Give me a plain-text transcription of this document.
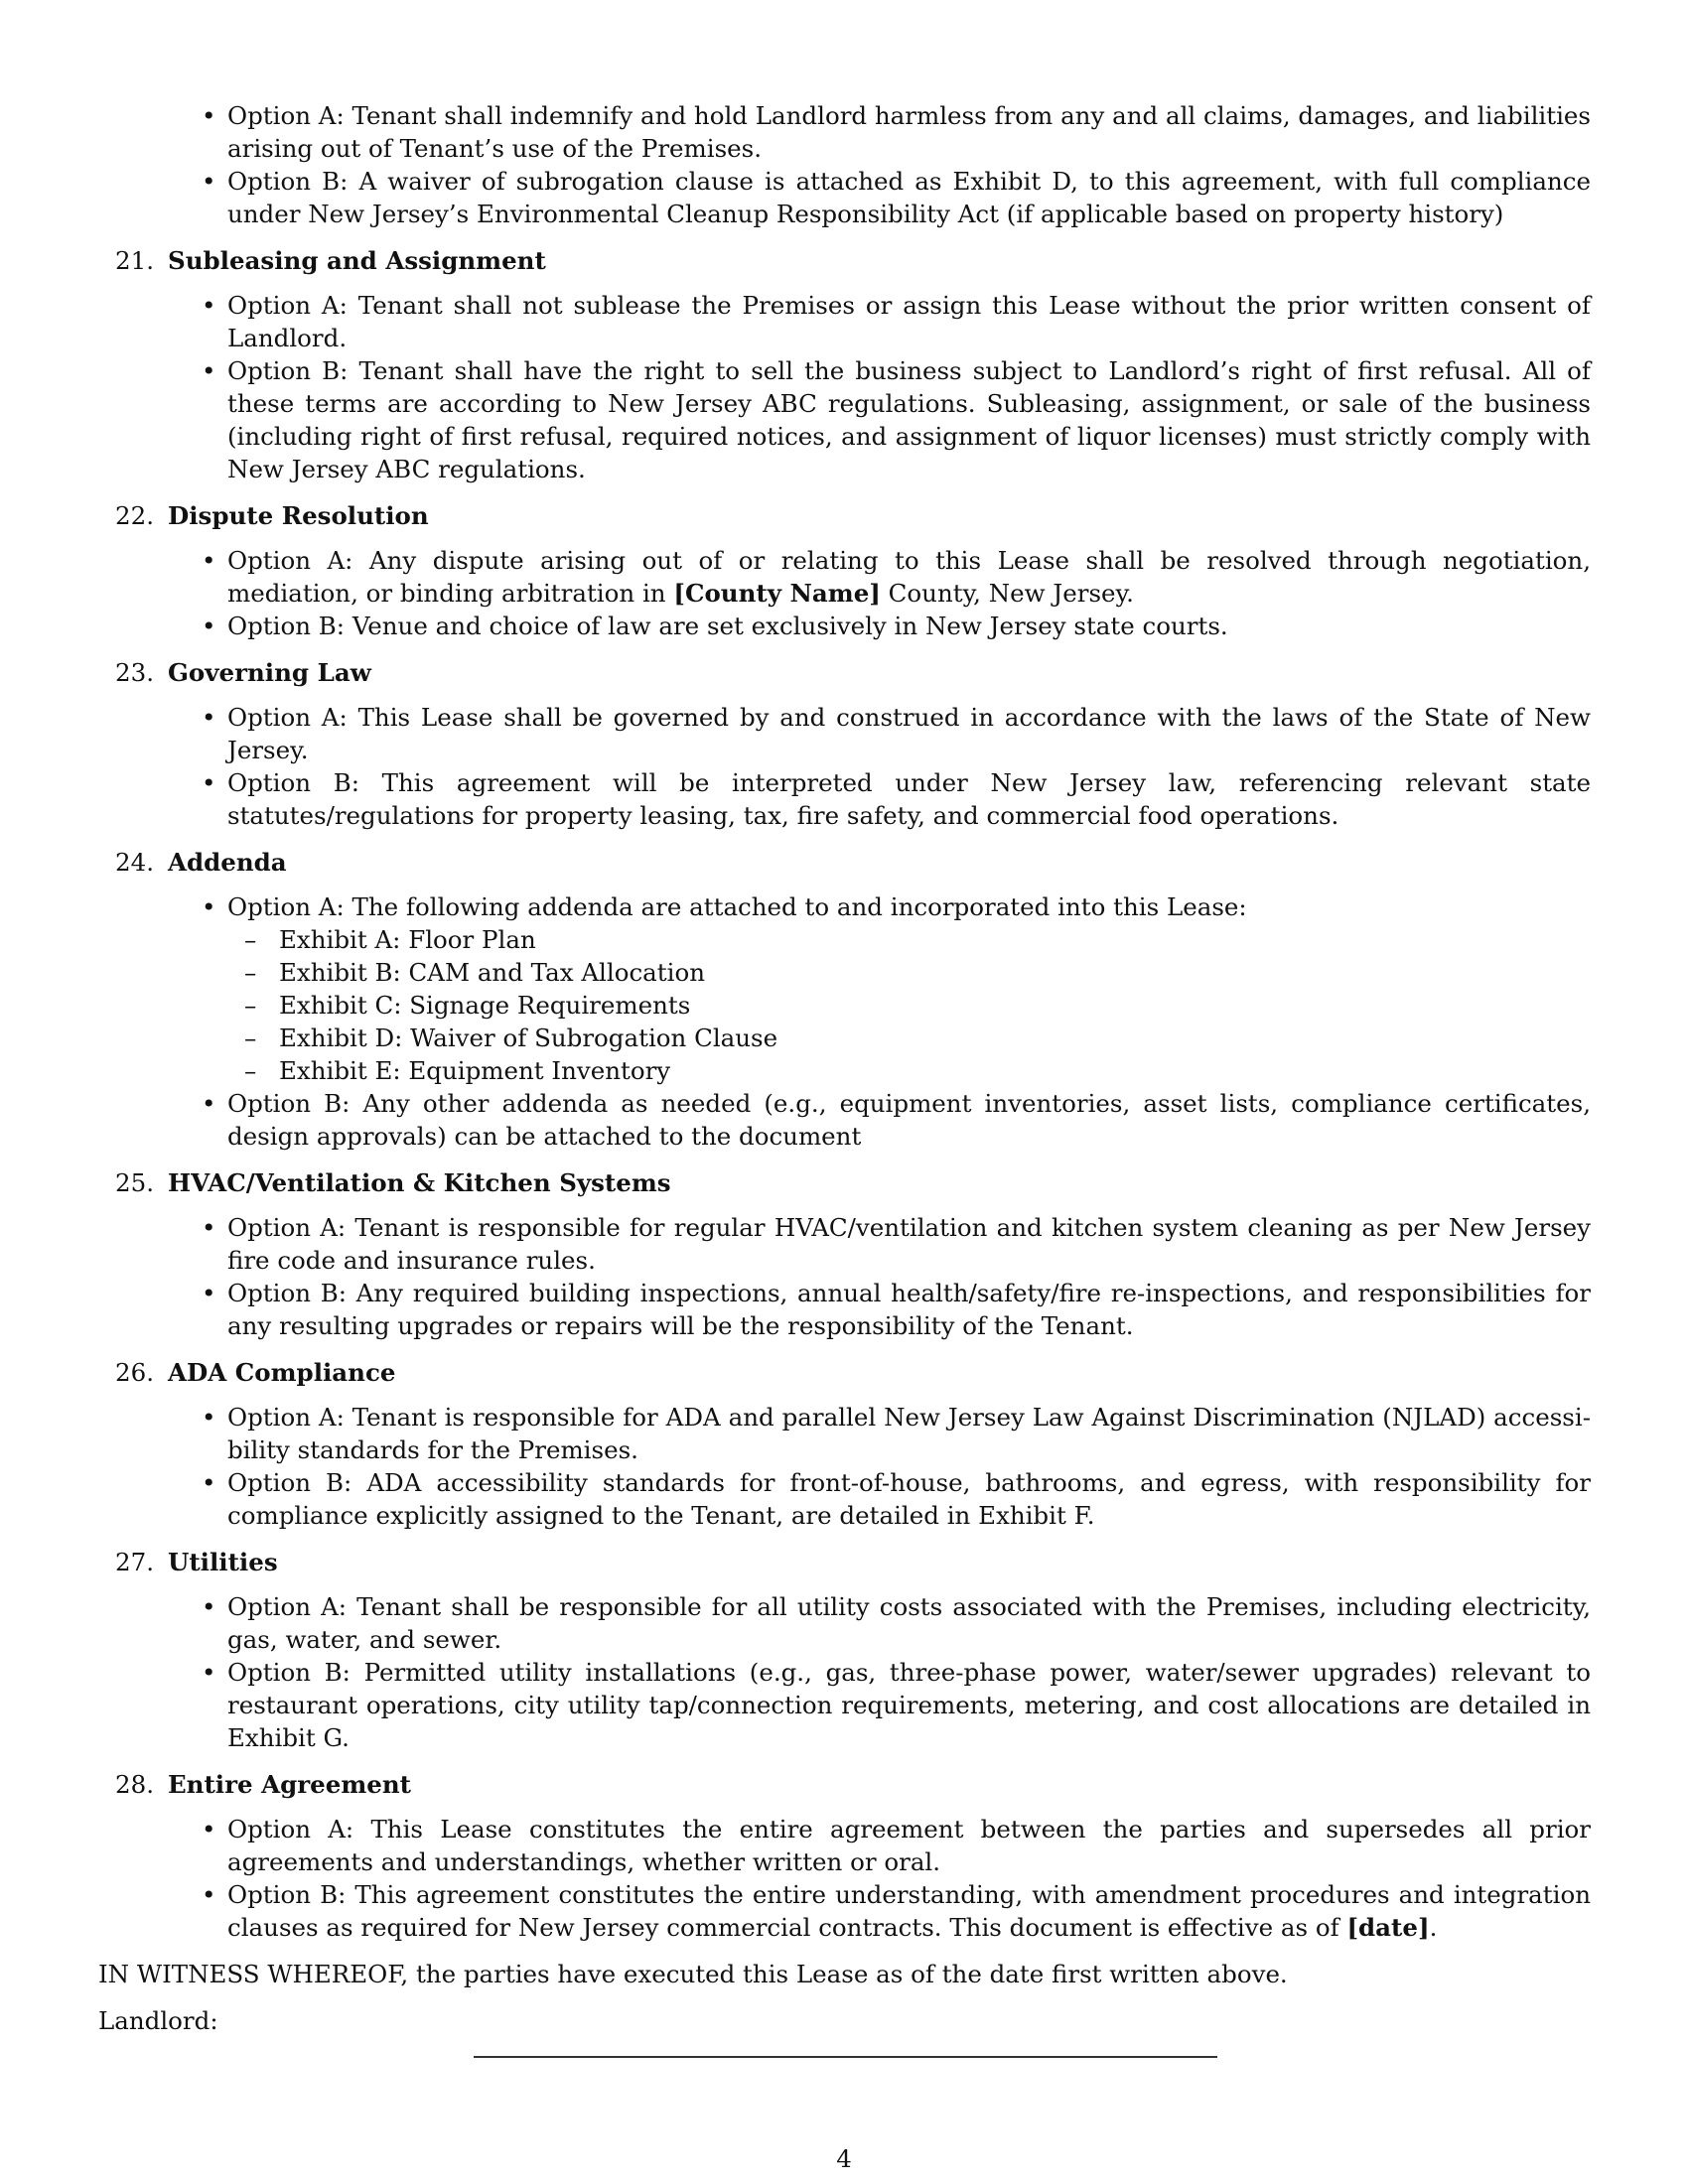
• Option A: Tenant shall indemnify and hold Landlord harmless from any and all claims, damages, and liabilities arising out of Tenant’s use of the Premises.
• Option B: A waiver of subrogation clause is attached as Exhibit D, to this agreement, with full compliance under New Jersey’s Environmental Cleanup Responsibility Act (if applicable based on property history)
21. Subleasing and Assignment
• Option A: Tenant shall not sublease the Premises or assign this Lease without the prior written consent of Landlord.
• Option B: Tenant shall have the right to sell the business subject to Landlord’s right of first refusal. All of these terms are according to New Jersey ABC regulations. Subleasing, assignment, or sale of the business (including right of first refusal, required notices, and assignment of liquor licenses) must strictly comply with New Jersey ABC regulations.
22. Dispute Resolution
• Option A: Any dispute arising out of or relating to this Lease shall be resolved through negotiation, mediation, or binding arbitration in [County Name] County, New Jersey.
• Option B: Venue and choice of law are set exclusively in New Jersey state courts.
23. Governing Law
• Option A: This Lease shall be governed by and construed in accordance with the laws of the State of New Jersey.
• Option B: This agreement will be interpreted under New Jersey law, referencing relevant state statutes/regulations for property leasing, tax, fire safety, and commercial food operations.
24. Addenda
• Option A: The following addenda are attached to and incorporated into this Lease:
– Exhibit A: Floor Plan
– Exhibit B: CAM and Tax Allocation
– Exhibit C: Signage Requirements
– Exhibit D: Waiver of Subrogation Clause
– Exhibit E: Equipment Inventory
• Option B: Any other addenda as needed (e.g., equipment inventories, asset lists, compliance certificates, design approvals) can be attached to the document
25. HVAC/Ventilation & Kitchen Systems
• Option A: Tenant is responsible for regular HVAC/ventilation and kitchen system cleaning as per New Jersey fire code and insurance rules.
• Option B: Any required building inspections, annual health/safety/fire re-inspections, and responsibilities for any resulting upgrades or repairs will be the responsibility of the Tenant.
26. ADA Compliance
• Option A: Tenant is responsible for ADA and parallel New Jersey Law Against Discrimination (NJLAD) accessibility standards for the Premises.
• Option B: ADA accessibility standards for front-of-house, bathrooms, and egress, with responsibility for compliance explicitly assigned to the Tenant, are detailed in Exhibit F.
27. Utilities
• Option A: Tenant shall be responsible for all utility costs associated with the Premises, including electricity, gas, water, and sewer.
• Option B: Permitted utility installations (e.g., gas, three-phase power, water/sewer upgrades) relevant to restaurant operations, city utility tap/connection requirements, metering, and cost allocations are detailed in Exhibit G.
28. Entire Agreement
• Option A: This Lease constitutes the entire agreement between the parties and supersedes all prior agreements and understandings, whether written or oral.
• Option B: This agreement constitutes the entire understanding, with amendment procedures and integration clauses as required for New Jersey commercial contracts. This document is effective as of [date].

IN WITNESS WHEREOF, the parties have executed this Lease as of the date first written above.

Landlord:

4
